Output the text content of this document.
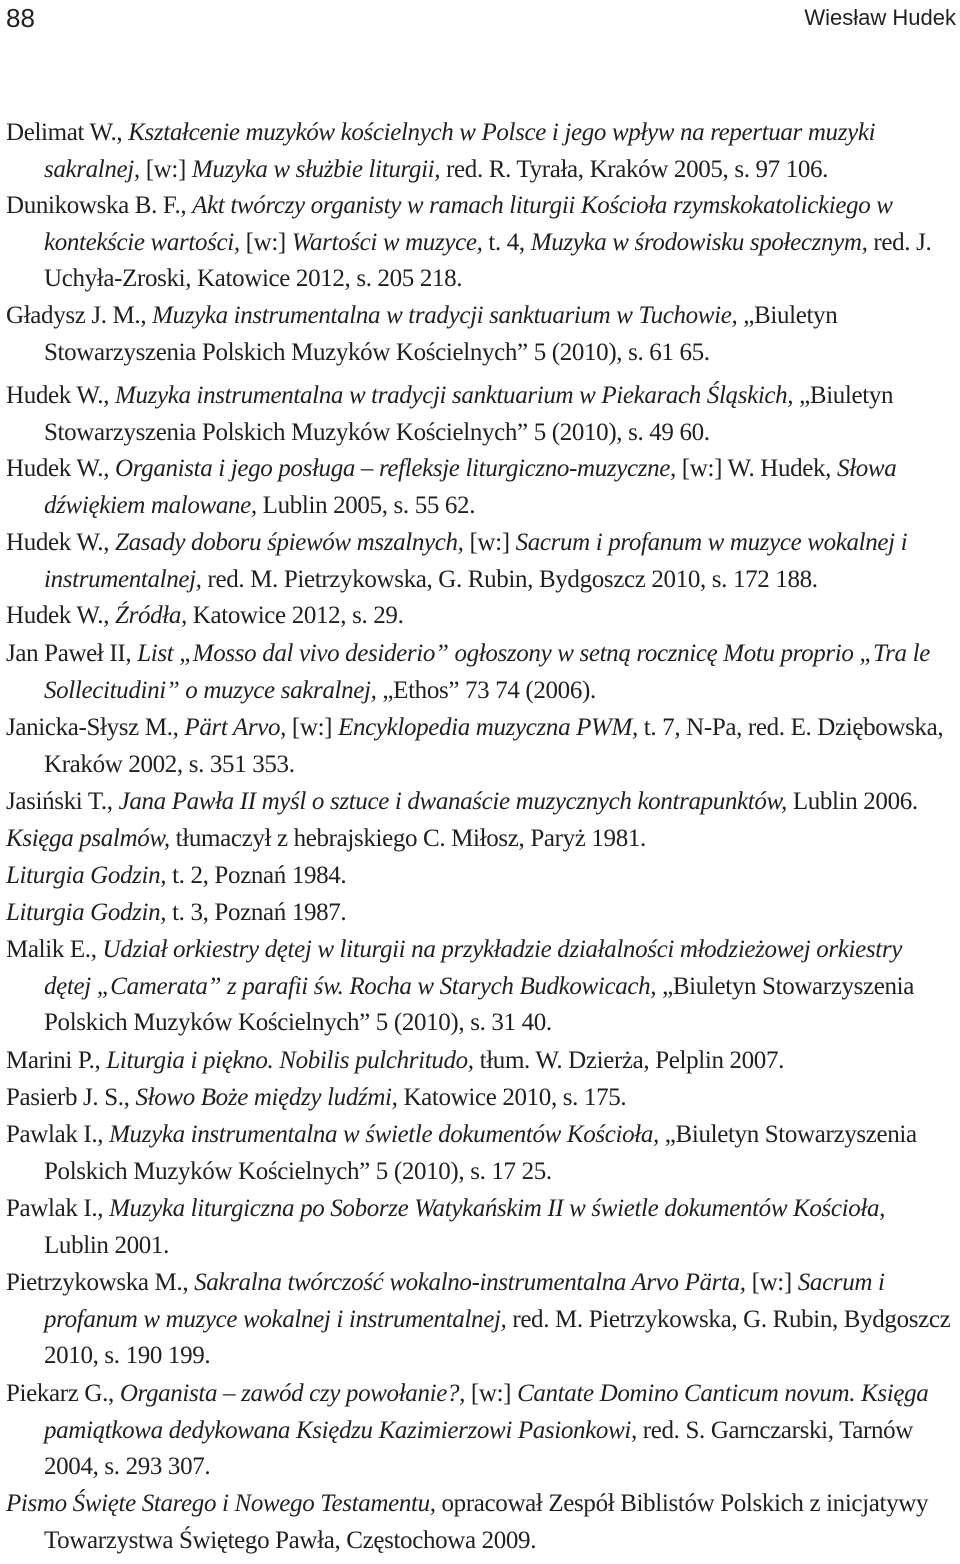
88	Wiesław Hudek

Delimat W., Kształcenie muzyków kościelnych w Polsce i jego wpływ na repertuar muzyki sakralnej, [w:] Muzyka w służbie liturgii, red. R. Tyrała, Kraków 2005, s. 97 106.

Dunikowska B. F., Akt twórczy organisty w ramach liturgii Kościoła rzymskokatolickiego w kontekście wartości, [w:] Wartości w muzyce, t. 4, Muzyka w środowisku społecznym, red. J. Uchyła-Zroski, Katowice 2012, s. 205 218.

Gładysz J. M., Muzyka instrumentalna w tradycji sanktuarium w Tuchowie, „Biuletyn Stowarzyszenia Polskich Muzyków Kościelnych” 5 (2010), s. 61 65.

Hudek W., Muzyka instrumentalna w tradycji sanktuarium w Piekarach Śląskich, „Biuletyn Stowarzyszenia Polskich Muzyków Kościelnych” 5 (2010), s. 49 60.

Hudek W., Organista i jego posługa – refleksje liturgiczno-muzyczne, [w:] W. Hudek, Słowa dźwiękiem malowane, Lublin 2005, s. 55 62.

Hudek W., Zasady doboru śpiewów mszalnych, [w:] Sacrum i profanum w muzyce wokalnej i instrumentalnej, red. M. Pietrzykowska, G. Rubin, Bydgoszcz 2010, s. 172 188.

Hudek W., Źródła, Katowice 2012, s. 29.

Jan Paweł II, List „Mosso dal vivo desiderio” ogłoszony w setną rocznicę Motu proprio „Tra le Sollecitudini” o muzyce sakralnej, „Ethos” 73 74 (2006).

Janicka-Słysz M., Pärt Arvo, [w:] Encyklopedia muzyczna PWM, t. 7, N-Pa, red. E. Dziębowska, Kraków 2002, s. 351 353.

Jasiński T., Jana Pawła II myśl o sztuce i dwanaście muzycznych kontrapunktów, Lublin 2006.

Księga psalmów, tłumaczył z hebrajskiego C. Miłosz, Paryż 1981.

Liturgia Godzin, t. 2, Poznań 1984.

Liturgia Godzin, t. 3, Poznań 1987.

Malik E., Udział orkiestry dętej w liturgii na przykładzie działalności młodzieżowej orkiestry dętej „Camerata” z parafii św. Rocha w Starych Budkowicach, „Biuletyn Stowarzyszenia Polskich Muzyków Kościelnych” 5 (2010), s. 31 40.

Marini P., Liturgia i piękno. Nobilis pulchritudo, tłum. W. Dzierża, Pelplin 2007.

Pasierb J. S., Słowo Boże między ludźmi, Katowice 2010, s. 175.

Pawlak I., Muzyka instrumentalna w świetle dokumentów Kościoła, „Biuletyn Stowarzyszenia Polskich Muzyków Kościelnych” 5 (2010), s. 17 25.

Pawlak I., Muzyka liturgiczna po Soborze Watykańskim II w świetle dokumentów Kościoła, Lublin 2001.

Pietrzykowska M., Sakralna twórczość wokalno-instrumentalna Arvo Pärta, [w:] Sacrum i profanum w muzyce wokalnej i instrumentalnej, red. M. Pietrzykowska, G. Rubin, Bydgoszcz 2010, s. 190 199.

Piekarz G., Organista – zawód czy powołanie?, [w:] Cantate Domino Canticum novum. Księga pamiątkowa dedykowana Księdzu Kazimierzowi Pasionkowi, red. S. Garnczarski, Tarnów 2004, s. 293 307.

Pismo Święte Starego i Nowego Testamentu, opracował Zespół Biblistów Polskich z inicjatywy Towarzystwa Świętego Pawła, Częstochowa 2009.
